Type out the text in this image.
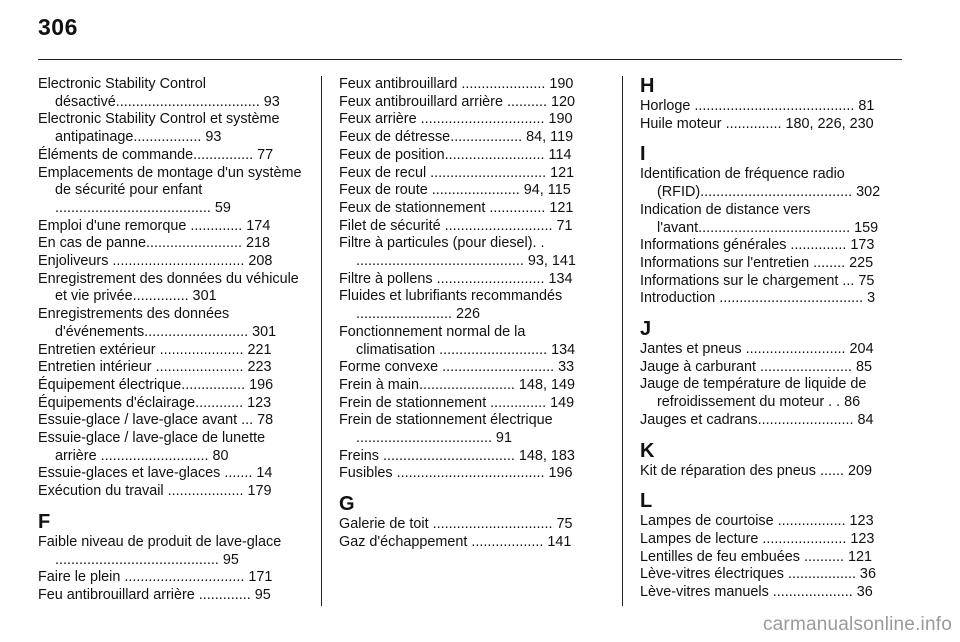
306
Electronic Stability Control désactivé.................................... 93
Electronic Stability Control et système antipatinage................. 93
Éléments de commande............... 77
Emplacements de montage d'un système de sécurité pour enfant ....................................... 59
Emploi d'une remorque ............. 174
En cas de panne........................ 218
Enjoliveurs ................................. 208
Enregistrement des données du véhicule et vie privée.............. 301
Enregistrements des données d'événements.......................... 301
Entretien extérieur ..................... 221
Entretien intérieur ...................... 223
Équipement électrique................ 196
Équipements d'éclairage............ 123
Essuie-glace / lave-glace avant ... 78
Essuie-glace / lave-glace de lunette arrière ........................... 80
Essuie-glaces et lave-glaces ....... 14
Exécution du travail ................... 179
F
Faible niveau de produit de lave-glace ......................................... 95
Faire le plein .............................. 171
Feu antibrouillard arrière ............. 95
Feux antibrouillard ..................... 190
Feux antibrouillard arrière .......... 120
Feux arrière ............................... 190
Feux de détresse.................. 84, 119
Feux de position......................... 114
Feux de recul ............................. 121
Feux de route ...................... 94, 115
Feux de stationnement .............. 121
Filet de sécurité ........................... 71
Filtre à particules (pour diesel). . .......................................... 93, 141
Filtre à pollens ........................... 134
Fluides et lubrifiants recommandés ........................ 226
Fonctionnement normal de la climatisation ........................... 134
Forme convexe ............................ 33
Frein à main........................ 148, 149
Frein de stationnement .............. 149
Frein de stationnement électrique .................................. 91
Freins ................................. 148, 183
Fusibles ..................................... 196
G
Galerie de toit .............................. 75
Gaz d'échappement .................. 141
H
Horloge ........................................ 81
Huile moteur .............. 180, 226, 230
I
Identification de fréquence radio (RFID)...................................... 302
Indication de distance vers l'avant...................................... 159
Informations générales .............. 173
Informations sur l'entretien ........ 225
Informations sur le chargement ... 75
Introduction .................................... 3
J
Jantes et pneus ......................... 204
Jauge à carburant ....................... 85
Jauge de température de liquide de refroidissement du moteur . . 86
Jauges et cadrans........................ 84
K
Kit de réparation des pneus ...... 209
L
Lampes de courtoise ................. 123
Lampes de lecture ..................... 123
Lentilles de feu embuées .......... 121
Lève-vitres électriques ................. 36
Lève-vitres manuels .................... 36
carmanualsonline.info
